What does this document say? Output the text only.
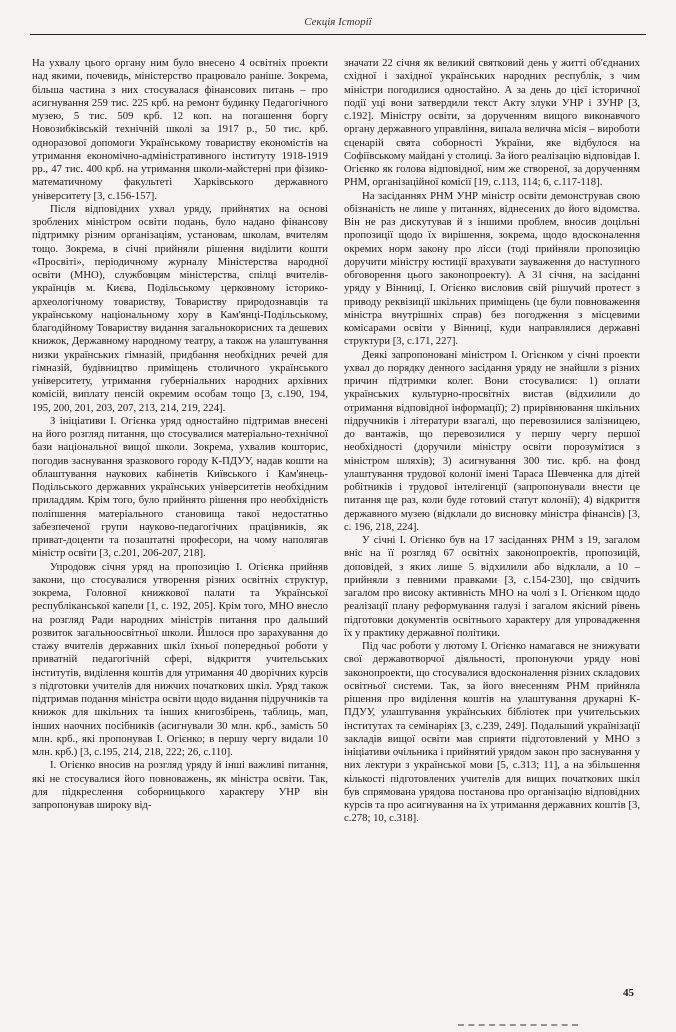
Секція Історії

На ухвалу цього органу ним було внесено 4 освітніх проекти над якими, почевидь, міністерство працювало раніше. Зокрема, більша частина з них стосувалася фінансових питань – про асигнування 259 тис. 225 крб. на ремонт будинку Педагогічного музею, 5 тис. 509 крб. 12 коп. на погашення боргу Новозибківській технічній школі за 1917 р., 50 тис. крб. одноразової допомоги Українському товариству економістів на утримання економічно-адміністративного інституту 1918-1919 рр., 47 тис. 400 крб. на утримання школи-майстерні при фізико-математичному факультеті Харківського державного університету [3, с.156-157].

Після відповідних ухвал уряду, прийнятих на основі зроблених міністром освіти подань, було надано фінансову підтримку різним організаціям, установам, школам, вчителям тощо. Зокрема, в січні прийняли рішення виділити кошти «Просвіті», періодичному журналу Міністерства народної освіти (МНО), службовцям міністерства, спілці вчителів-українців м. Києва, Подільському церковному історико-археологічному товариству, Товариству природознавців та українському національному хору в Кам'янці-Подільському, благодійному Товариству видання загальнокорисних та дешевих книжок, Державному народному театру, а також на улаштування низки українських гімназій, придбання необхідних речей для гімназій, будівництво приміщень столичного українського університету, утримання губерніальних народних архівних комісій, виплату пенсій окремим особам тощо [3, с.190, 194, 195, 200, 201, 203, 207, 213, 214, 219, 224].

З ініціативи І. Огієнка уряд одностайно підтримав внесені на його розгляд питання, що стосувалися матеріально-технічної бази національної вищої школи. Зокрема, ухвалив кошторис, погодив заснування зразкового городу К-ПДУУ, надав кошти на облаштування наукових кабінетів Київського і Кам'янець-Подільського державних українських університетів необхідним приладдям. Крім того, було прийнято рішення про необхідність поліпшення матеріального становища такої недостатньо забезпеченої групи науково-педагогічних працівників, як приват-доценти та позаштатні професори, на чому наполягав міністр освіти [3, с.201, 206-207, 218].

Упродовж січня уряд на пропозицію І. Огієнка прийняв закони, що стосувалися утворення різних освітніх структур, зокрема, Головної книжкової палати та Української республіканської капели [1, с. 192, 205]. Крім того, МНО внесло на розгляд Ради народних міністрів питання про дальший розвиток загальноосвітньої школи. Йшлося про зарахування до стажу вчителів державних шкіл їхньої попередньої роботи у приватній педагогічній сфері, відкриття учительських інститутів, виділення коштів для утримання 40 дворічних курсів з підготовки учителів для нижчих початкових шкіл. Уряд також підтримав подання міністра освіти щодо видання підручників та книжок для шкільних та інших книгозбірень, таблиць, мап, інших наочних посібників (асигнували 30 млн. крб., замість 50 млн. крб., які пропонував І. Огієнко; в першу чергу видали 10 млн. крб.) [3, с.195, 214, 218, 222; 26, с.110].

І. Огієнко вносив на розгляд уряду й інші важливі питання, які не стосувалися його повноважень, як міністра освіти. Так, для підкреслення соборницького характеру УНР він запропонував широку від-

значати 22 січня як великий святковий день у житті об'єднаних східної і західної українських народних республік, з чим міністри погодилися одностайно. А за день до цієї історичної події уці вони затвердили текст Акту злуки УНР і ЗУНР [3, с.192]. Міністру освіти, за дорученням вищого виконавчого органу державного управління, випала велична місія – вироботи сценарій свята соборності України, яке відбулося на Софіївському майдані у столиці. За його реалізацію відповідав І. Огієнко як голова відповідної, ним же створеної, за дорученням РНМ, організаційної комісії [19, с.113, 114; 6, с.117-118].

На засіданнях РНМ УНР міністр освіти демонстрував свою обізнаність не лише у питаннях, віднесених до його відомства. Він не раз дискутував й з іншими проблем, вносив доцільні пропозиції щодо їх вирішення, зокрема, щодо вдосконалення окремих норм закону про лісси (тоді прийняли пропозицію доручити міністру юстиції врахувати зауваження до наступного обговорення цього законопроекту). А 31 січня, на засіданні уряду у Вінниці, І. Огієнко висловив свій рішучий протест з приводу реквізиції шкільних приміщень (це були повноваження міністра внутрішніх справ) без погодження з місцевими комісарами освіти у Вінниці, куди направлялися державні структури [3, с.171, 227].

Деякі запропоновані міністром І. Огієнком у січні проекти ухвал до порядку денного засідання уряду не знайшли з різних причин підтримки колег. Вони стосувалися: 1) оплати українських культурно-просвітніх вистав (відхилили до отримання відповідної інформації); 2) прирівнювання шкільних підручників і літератури взагалі, що перевозилися залізницею, до вантажів, що перевозилися у першу чергу першої необхідності (доручили міністру освіти порозумітися з міністром шляхів); 3) асигнування 300 тис. крб. на фонд улаштування трудової колонії імені Тараса Шевченка для дітей робітників і трудової інтелігенції (запропонували внести це питання ще раз, коли буде готовий статут колонії); 4) відкриття державного музею (відклали до висновку міністра фінансів) [3, с. 196, 218, 224].

У січні І. Огієнко був на 17 засіданнях РНМ з 19, загалом вніс на її розгляд 67 освітніх законопроектів, пропозицій, доповідей, з яких лише 5 відхилили або відклали, а 10 – прийняли з певними правками [3, с.154-230], що свідчить загалом про високу активність МНО на чолі з І. Огієнком щодо реалізації плану реформування галузі і загалом якісний рівень підготовки документів освітнього характеру для упровадження їх у практику державної політики.

Під час роботи у лютому І. Огієнко намагався не знижувати свої державотворчої діяльності, пропонуючи уряду нові законопроекти, що стосувалися вдосконалення різних складових освітньої системи. Так, за його внесенням РНМ прийняла рішення про виділення коштів на улаштування друкарні К-ПДУУ, улаштування українських бібліотек при учительських інститутах та семінаріях [3, с.239, 249]. Подальший українізації закладів вищої освіти мав сприяти підготовлений у МНО з ініціативи очільника і прийнятий урядом закон про заснування у них лектури з української мови [5, с.313; 11], а на збільшення кількості підготовлених учителів для вищих початкових шкіл був спрямована урядова постанова про організацію відповідних курсів та про асигнування на їх утримання державних коштів [3, с.278; 10, с.318].

45
